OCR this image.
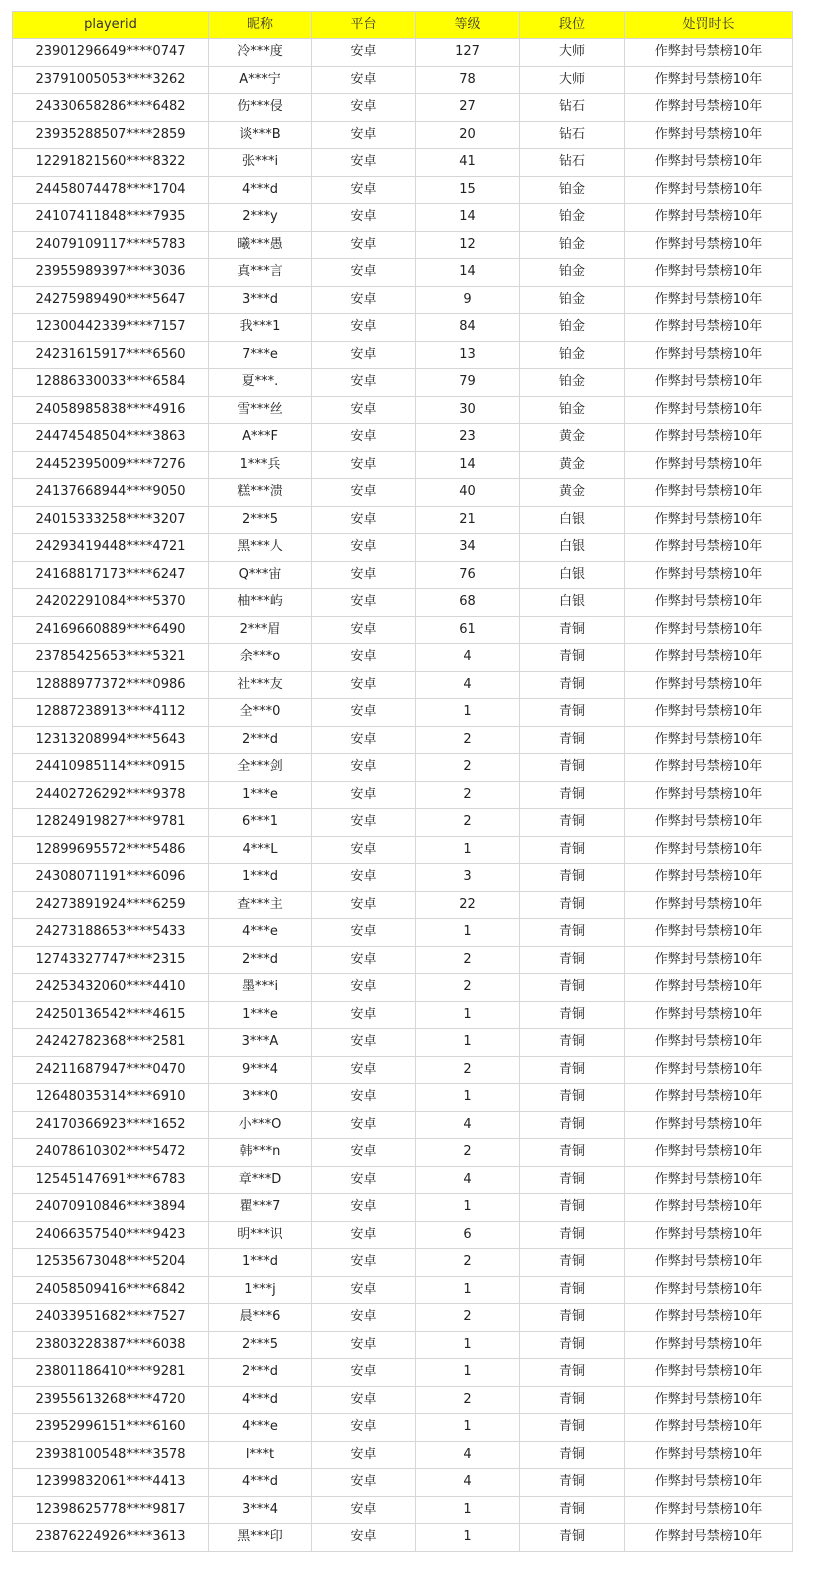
playerid	昵称	平台	等级	段位	处罚时长
23901296649****0747	冷***度	安卓	127	大师	作弊封号禁榜10年
23791005053****3262	A***宁	安卓	78	大师	作弊封号禁榜10年
24330658286****6482	伤***侵	安卓	27	钻石	作弊封号禁榜10年
23935288507****2859	谈***B	安卓	20	钻石	作弊封号禁榜10年
12291821560****8322	张***i	安卓	41	钻石	作弊封号禁榜10年
24458074478****1704	4***d	安卓	15	铂金	作弊封号禁榜10年
24107411848****7935	2***y	安卓	14	铂金	作弊封号禁榜10年
24079109117****5783	曦***愚	安卓	12	铂金	作弊封号禁榜10年
23955989397****3036	真***言	安卓	14	铂金	作弊封号禁榜10年
24275989490****5647	3***d	安卓	9	铂金	作弊封号禁榜10年
12300442339****7157	我***1	安卓	84	铂金	作弊封号禁榜10年
24231615917****6560	7***e	安卓	13	铂金	作弊封号禁榜10年
12886330033****6584	夏***.	安卓	79	铂金	作弊封号禁榜10年
24058985838****4916	雪***丝	安卓	30	铂金	作弊封号禁榜10年
24474548504****3863	A***F	安卓	23	黄金	作弊封号禁榜10年
24452395009****7276	1***兵	安卓	14	黄金	作弊封号禁榜10年
24137668944****9050	糕***溃	安卓	40	黄金	作弊封号禁榜10年
24015333258****3207	2***5	安卓	21	白银	作弊封号禁榜10年
24293419448****4721	黑***人	安卓	34	白银	作弊封号禁榜10年
24168817173****6247	Q***宙	安卓	76	白银	作弊封号禁榜10年
24202291084****5370	柚***屿	安卓	68	白银	作弊封号禁榜10年
24169660889****6490	2***眉	安卓	61	青铜	作弊封号禁榜10年
23785425653****5321	余***o	安卓	4	青铜	作弊封号禁榜10年
12888977372****0986	社***友	安卓	4	青铜	作弊封号禁榜10年
12887238913****4112	全***0	安卓	1	青铜	作弊封号禁榜10年
12313208994****5643	2***d	安卓	2	青铜	作弊封号禁榜10年
24410985114****0915	全***剑	安卓	2	青铜	作弊封号禁榜10年
24402726292****9378	1***e	安卓	2	青铜	作弊封号禁榜10年
12824919827****9781	6***1	安卓	2	青铜	作弊封号禁榜10年
12899695572****5486	4***L	安卓	1	青铜	作弊封号禁榜10年
24308071191****6096	1***d	安卓	3	青铜	作弊封号禁榜10年
24273891924****6259	查***主	安卓	22	青铜	作弊封号禁榜10年
24273188653****5433	4***e	安卓	1	青铜	作弊封号禁榜10年
12743327747****2315	2***d	安卓	2	青铜	作弊封号禁榜10年
24253432060****4410	墨***i	安卓	2	青铜	作弊封号禁榜10年
24250136542****4615	1***e	安卓	1	青铜	作弊封号禁榜10年
24242782368****2581	3***A	安卓	1	青铜	作弊封号禁榜10年
24211687947****0470	9***4	安卓	2	青铜	作弊封号禁榜10年
12648035314****6910	3***0	安卓	1	青铜	作弊封号禁榜10年
24170366923****1652	小***O	安卓	4	青铜	作弊封号禁榜10年
24078610302****5472	韩***n	安卓	2	青铜	作弊封号禁榜10年
12545147691****6783	章***D	安卓	4	青铜	作弊封号禁榜10年
24070910846****3894	瞿***7	安卓	1	青铜	作弊封号禁榜10年
24066357540****9423	明***识	安卓	6	青铜	作弊封号禁榜10年
12535673048****5204	1***d	安卓	2	青铜	作弊封号禁榜10年
24058509416****6842	1***j	安卓	1	青铜	作弊封号禁榜10年
24033951682****7527	晨***6	安卓	2	青铜	作弊封号禁榜10年
23803228387****6038	2***5	安卓	1	青铜	作弊封号禁榜10年
23801186410****9281	2***d	安卓	1	青铜	作弊封号禁榜10年
23955613268****4720	4***d	安卓	2	青铜	作弊封号禁榜10年
23952996151****6160	4***e	安卓	1	青铜	作弊封号禁榜10年
23938100548****3578	l***t	安卓	4	青铜	作弊封号禁榜10年
12399832061****4413	4***d	安卓	4	青铜	作弊封号禁榜10年
12398625778****9817	3***4	安卓	1	青铜	作弊封号禁榜10年
23876224926****3613	黑***印	安卓	1	青铜	作弊封号禁榜10年
